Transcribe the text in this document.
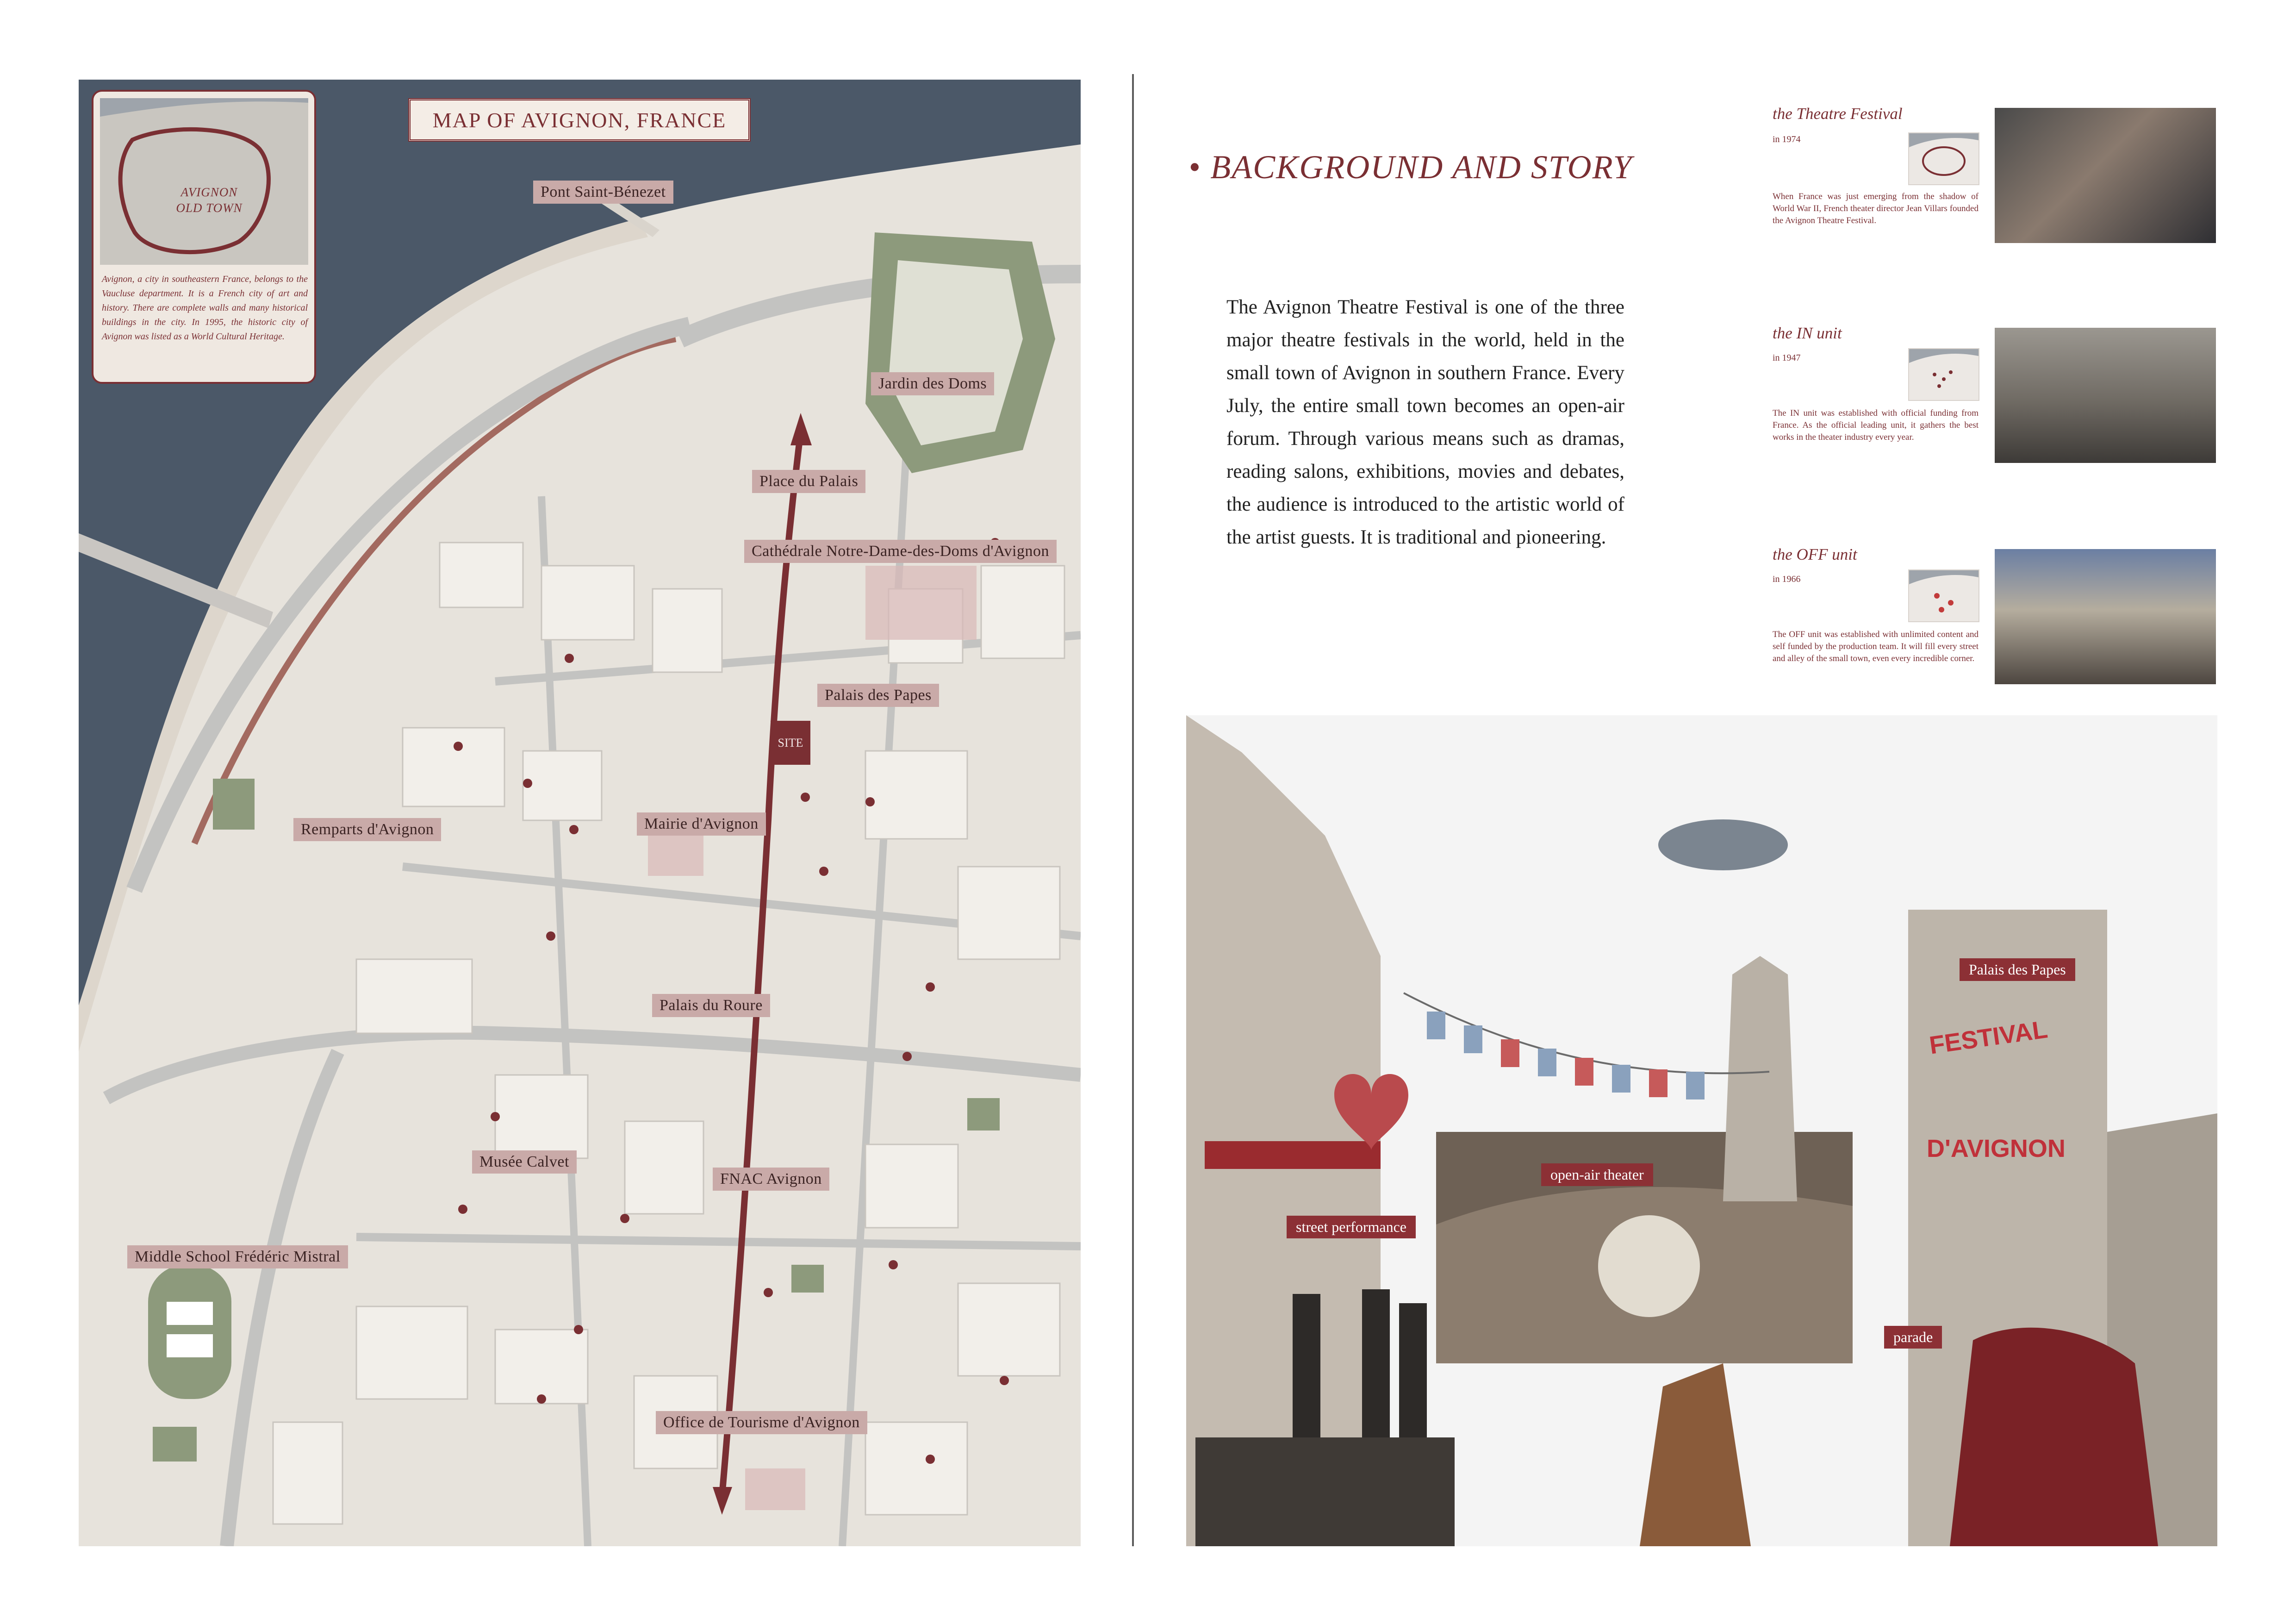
AVIGNON
OLD TOWN
Avignon, a city in southeastern France, belongs to the Vaucluse department. It is a French city of art and history. There are complete walls and many historical buildings in the city. In 1995, the historic city of Avignon was listed as a World Cultural Heritage.
MAP OF AVIGNON, FRANCE
Pont Saint-Bénezet
Jardin des Doms
Place du Palais
Cathédrale Notre-Dame-des-Doms d'Avignon
Palais des Papes
SITE
Remparts d'Avignon	Mairie d'Avignon
Palais du Roure
Musée Calvet
FNAC Avignon
Middle School Frédéric Mistral
Office de Tourisme d'Avignon
• BACKGROUND AND STORY
The Avignon Theatre Festival is one of the three major theatre festivals in the world, held in the small town of Avignon in southern France. Every July, the entire small town becomes an open-air forum. Through various means such as dramas, reading salons, exhibitions, movies and debates, the audience is introduced to the artistic world of the artist guests. It is traditional and pioneering.
the Theatre Festival
in 1974
When France was just emerging from the shadow of World War II, French theater director Jean Villars founded the Avignon Theatre Festival.
the IN unit
in 1947
The IN unit was established with official funding from France. As the official leading unit, it gathers the best works in the theater industry every year.
the OFF unit
in 1966
The OFF unit was established with unlimited content and self funded by the production team. It will fill every street and alley of the small town, even every incredible corner.
Palais des Papes
open-air theater
street performance
parade
FESTIVAL
D'AVIGNON
